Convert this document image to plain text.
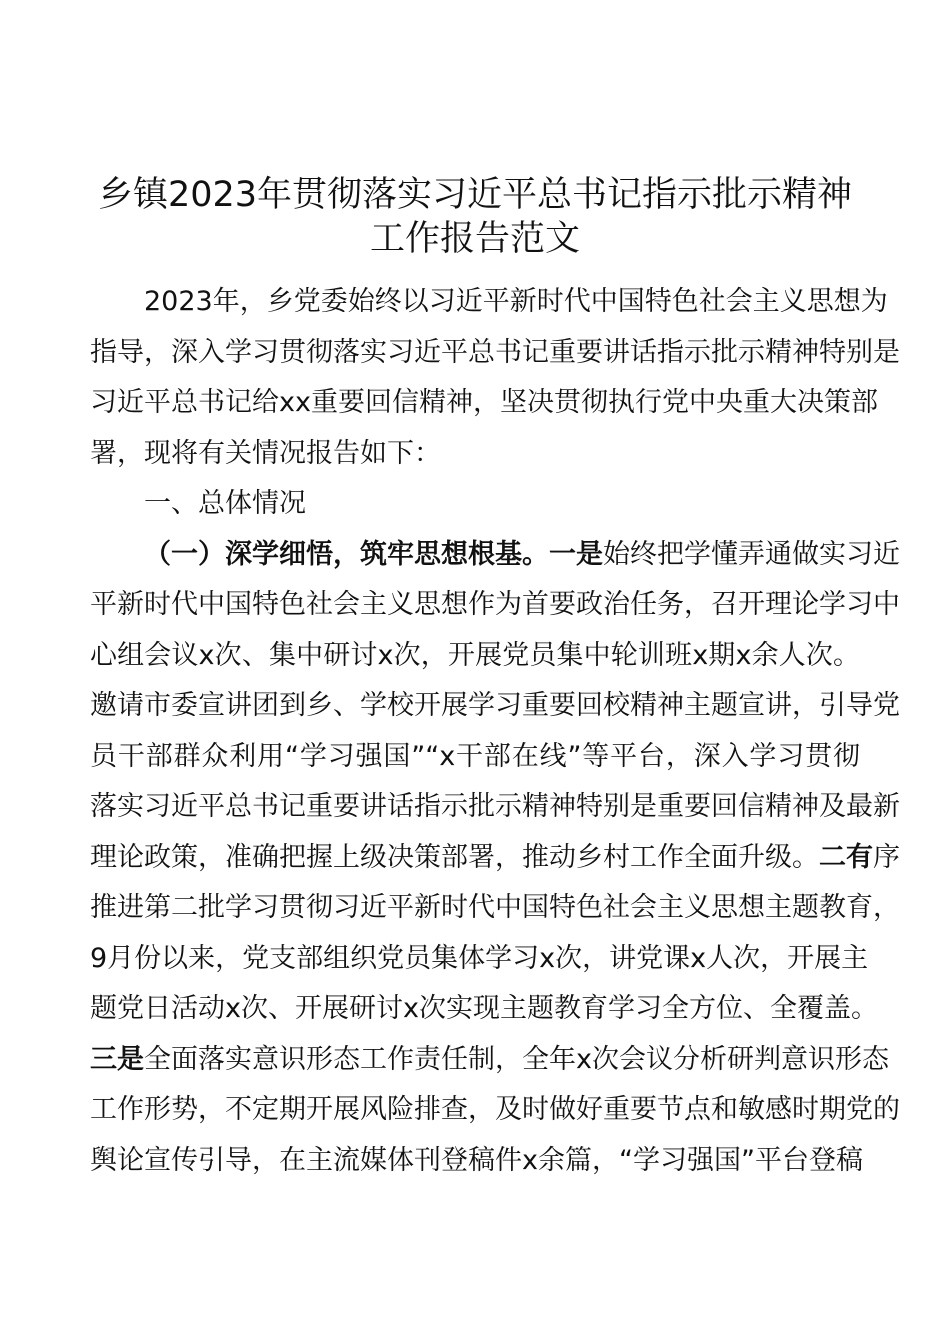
乡镇2023年贯彻落实习近平总书记指示批示精神
工作报告范文
2023年，乡党委始终以习近平新时代中国特色社会主义思想为
指导，深入学习贯彻落实习近平总书记重要讲话指示批示精神特别是
习近平总书记给xx重要回信精神，坚决贯彻执行党中央重大决策部
署，现将有关情况报告如下：
一、总体情况
（一）深学细悟，筑牢思想根基。一是始终把学懂弄通做实习近
平新时代中国特色社会主义思想作为首要政治任务，召开理论学习中
心组会议x次、集中研讨x次，开展党员集中轮训班x期x余人次。
邀请市委宣讲团到乡、学校开展学习重要回校精神主题宣讲，引导党
员干部群众利用“学习强国”“x干部在线”等平台，深入学习贯彻
落实习近平总书记重要讲话指示批示精神特别是重要回信精神及最新
理论政策，准确把握上级决策部署，推动乡村工作全面升级。二有序
推进第二批学习贯彻习近平新时代中国特色社会主义思想主题教育，
9月份以来，党支部组织党员集体学习x次，讲党课x人次，开展主
题党日活动x次、开展研讨x次实现主题教育学习全方位、全覆盖。
三是全面落实意识形态工作责任制，全年x次会议分析研判意识形态
工作形势，不定期开展风险排查，及时做好重要节点和敏感时期党的
舆论宣传引导，在主流媒体刊登稿件x余篇，“学习强国”平台登稿
